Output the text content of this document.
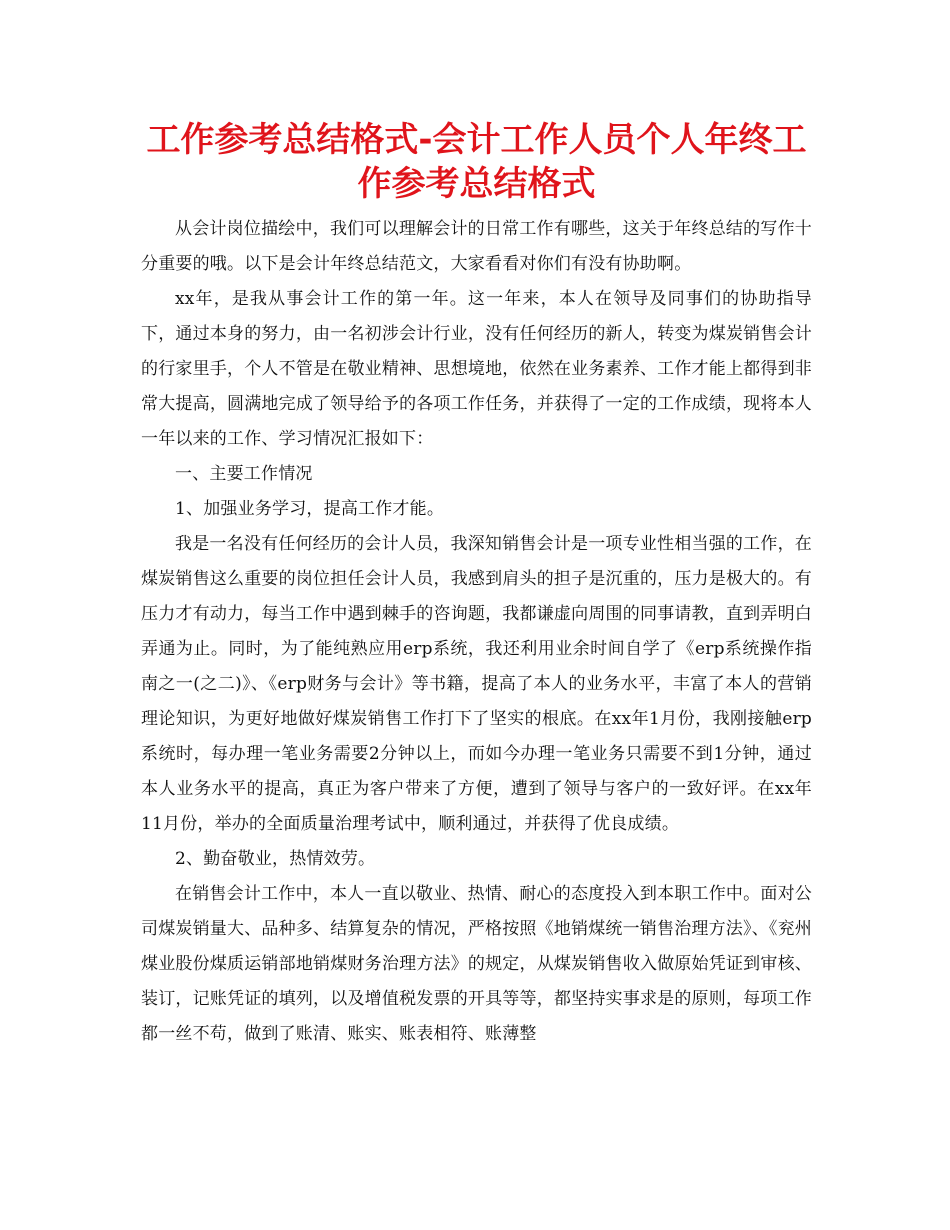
工作参考总结格式-会计工作人员个人年终工作参考总结格式

从会计岗位描绘中，我们可以理解会计的日常工作有哪些，这关于年终总结的写作十分重要的哦。以下是会计年终总结范文，大家看看对你们有没有协助啊。

xx年，是我从事会计工作的第一年。这一年来，本人在领导及同事们的协助指导下，通过本身的努力，由一名初涉会计行业，没有任何经历的新人，转变为煤炭销售会计的行家里手，个人不管是在敬业精神、思想境地，依然在业务素养、工作才能上都得到非常大提高，圆满地完成了领导给予的各项工作任务，并获得了一定的工作成绩，现将本人一年以来的工作、学习情况汇报如下：

一、主要工作情况

1、加强业务学习，提高工作才能。

我是一名没有任何经历的会计人员，我深知销售会计是一项专业性相当强的工作，在煤炭销售这么重要的岗位担任会计人员，我感到肩头的担子是沉重的，压力是极大的。有压力才有动力，每当工作中遇到棘手的咨询题，我都谦虚向周围的同事请教，直到弄明白弄通为止。同时，为了能纯熟应用erp系统，我还利用业余时间自学了《erp系统操作指南之一(之二)》、《erp财务与会计》等书籍，提高了本人的业务水平，丰富了本人的营销理论知识，为更好地做好煤炭销售工作打下了坚实的根底。在xx年1月份，我刚接触erp系统时，每办理一笔业务需要2分钟以上，而如今办理一笔业务只需要不到1分钟，通过本人业务水平的提高，真正为客户带来了方便，遭到了领导与客户的一致好评。在xx年11月份，举办的全面质量治理考试中，顺利通过，并获得了优良成绩。

2、勤奋敬业，热情效劳。

在销售会计工作中，本人一直以敬业、热情、耐心的态度投入到本职工作中。面对公司煤炭销量大、品种多、结算复杂的情况，严格按照《地销煤统一销售治理方法》、《兖州煤业股份煤质运销部地销煤财务治理方法》的规定，从煤炭销售收入做原始凭证到审核、装订，记账凭证的填列，以及增值税发票的开具等等，都坚持实事求是的原则，每项工作都一丝不苟，做到了账清、账实、账表相符、账薄整
